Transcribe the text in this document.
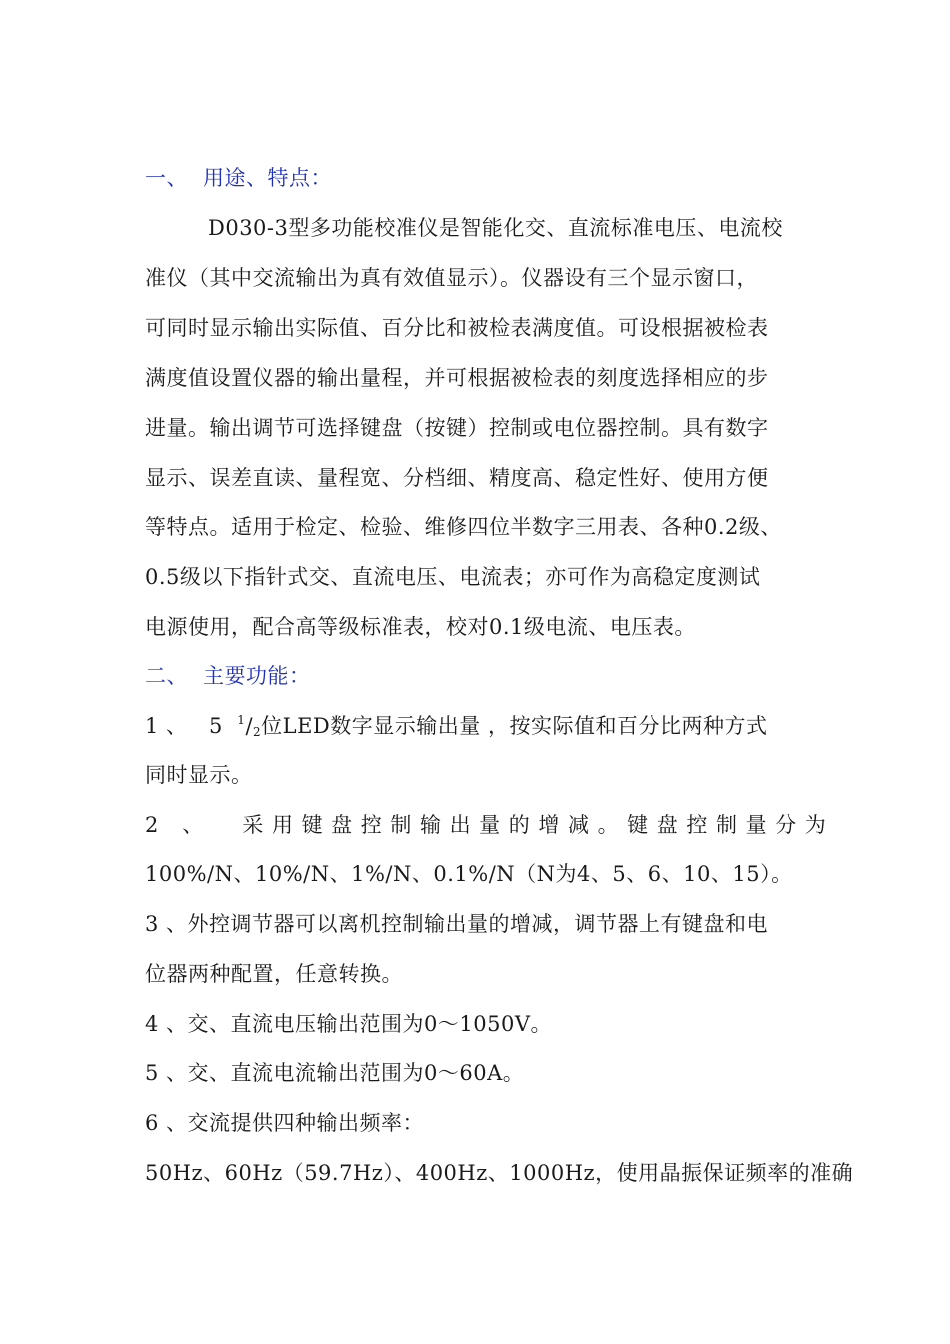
一、 用途、特点：
D030-3型多功能校准仪是智能化交、直流标准电压、电流校
准仪（其中交流输出为真有效值显示）。仪器设有三个显示窗口，
可同时显示输出实际值、百分比和被检表满度值。可设根据被检表
满度值设置仪器的输出量程，并可根据被检表的刻度选择相应的步
进量。输出调节可选择键盘（按键）控制或电位器控制。具有数字
显示、误差直读、量程宽、分档细、精度高、稳定性好、使用方便
等特点。适用于检定、检验、维修四位半数字三用表、各种0.2级、
0.5级以下指针式交、直流电压、电流表；亦可作为高稳定度测试
电源使用，配合高等级标准表，校对0.1级电流、电压表。
二、 主要功能：
1 、   5  $^1$/2位LED数字显示输出量 ，按实际值和百分比两种方式
同时显示。
2 、  采用键盘控制输出量的增减。键盘控制量分为
100%/N、10%/N、1%/N、0.1%/N（N为4、5、6、10、15）。
3 、外控调节器可以离机控制输出量的增减，调节器上有键盘和电
位器两种配置，任意转换。
4 、交、直流电压输出范围为0～1050V。
5 、交、直流电流输出范围为0～60A。
6 、交流提供四种输出频率：
50Hz、60Hz（59.7Hz）、400Hz、1000Hz，使用晶振保证频率的准确
